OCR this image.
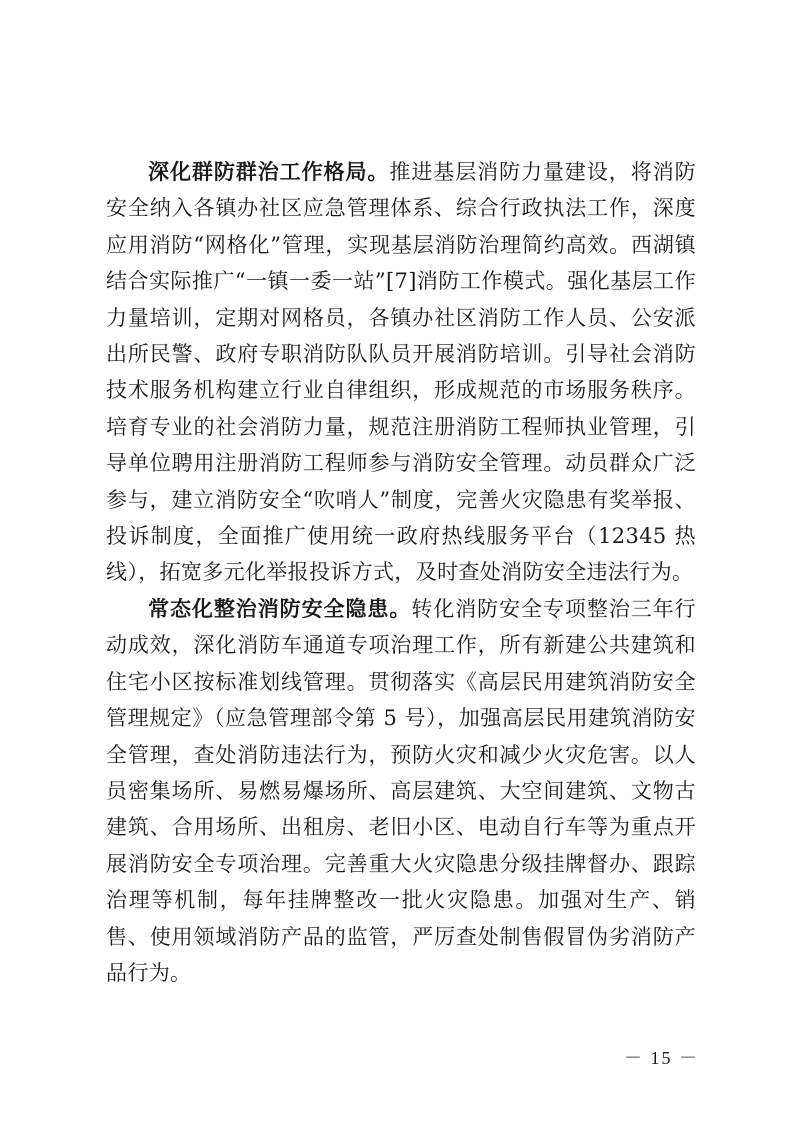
深化群防群治工作格局。推进基层消防力量建设，将消防安全纳入各镇办社区应急管理体系、综合行政执法工作，深度应用消防“网格化”管理，实现基层消防治理简约高效。西湖镇结合实际推广“一镇一委一站”[7]消防工作模式。强化基层工作力量培训，定期对网格员，各镇办社区消防工作人员、公安派出所民警、政府专职消防队队员开展消防培训。引导社会消防技术服务机构建立行业自律组织，形成规范的市场服务秩序。培育专业的社会消防力量，规范注册消防工程师执业管理，引导单位聘用注册消防工程师参与消防安全管理。动员群众广泛参与，建立消防安全“吹哨人”制度，完善火灾隐患有奖举报、投诉制度，全面推广使用统一政府热线服务平台（12345 热线），拓宽多元化举报投诉方式，及时查处消防安全违法行为。

常态化整治消防安全隐患。转化消防安全专项整治三年行动成效，深化消防车通道专项治理工作，所有新建公共建筑和住宅小区按标准划线管理。贯彻落实《高层民用建筑消防安全管理规定》（应急管理部令第 5 号），加强高层民用建筑消防安全管理，查处消防违法行为，预防火灾和减少火灾危害。以人员密集场所、易燃易爆场所、高层建筑、大空间建筑、文物古建筑、合用场所、出租房、老旧小区、电动自行车等为重点开展消防安全专项治理。完善重大火灾隐患分级挂牌督办、跟踪治理等机制，每年挂牌整改一批火灾隐患。加强对生产、销售、使用领域消防产品的监管，严厉查处制售假冒伪劣消防产品行为。

－ 15 －
